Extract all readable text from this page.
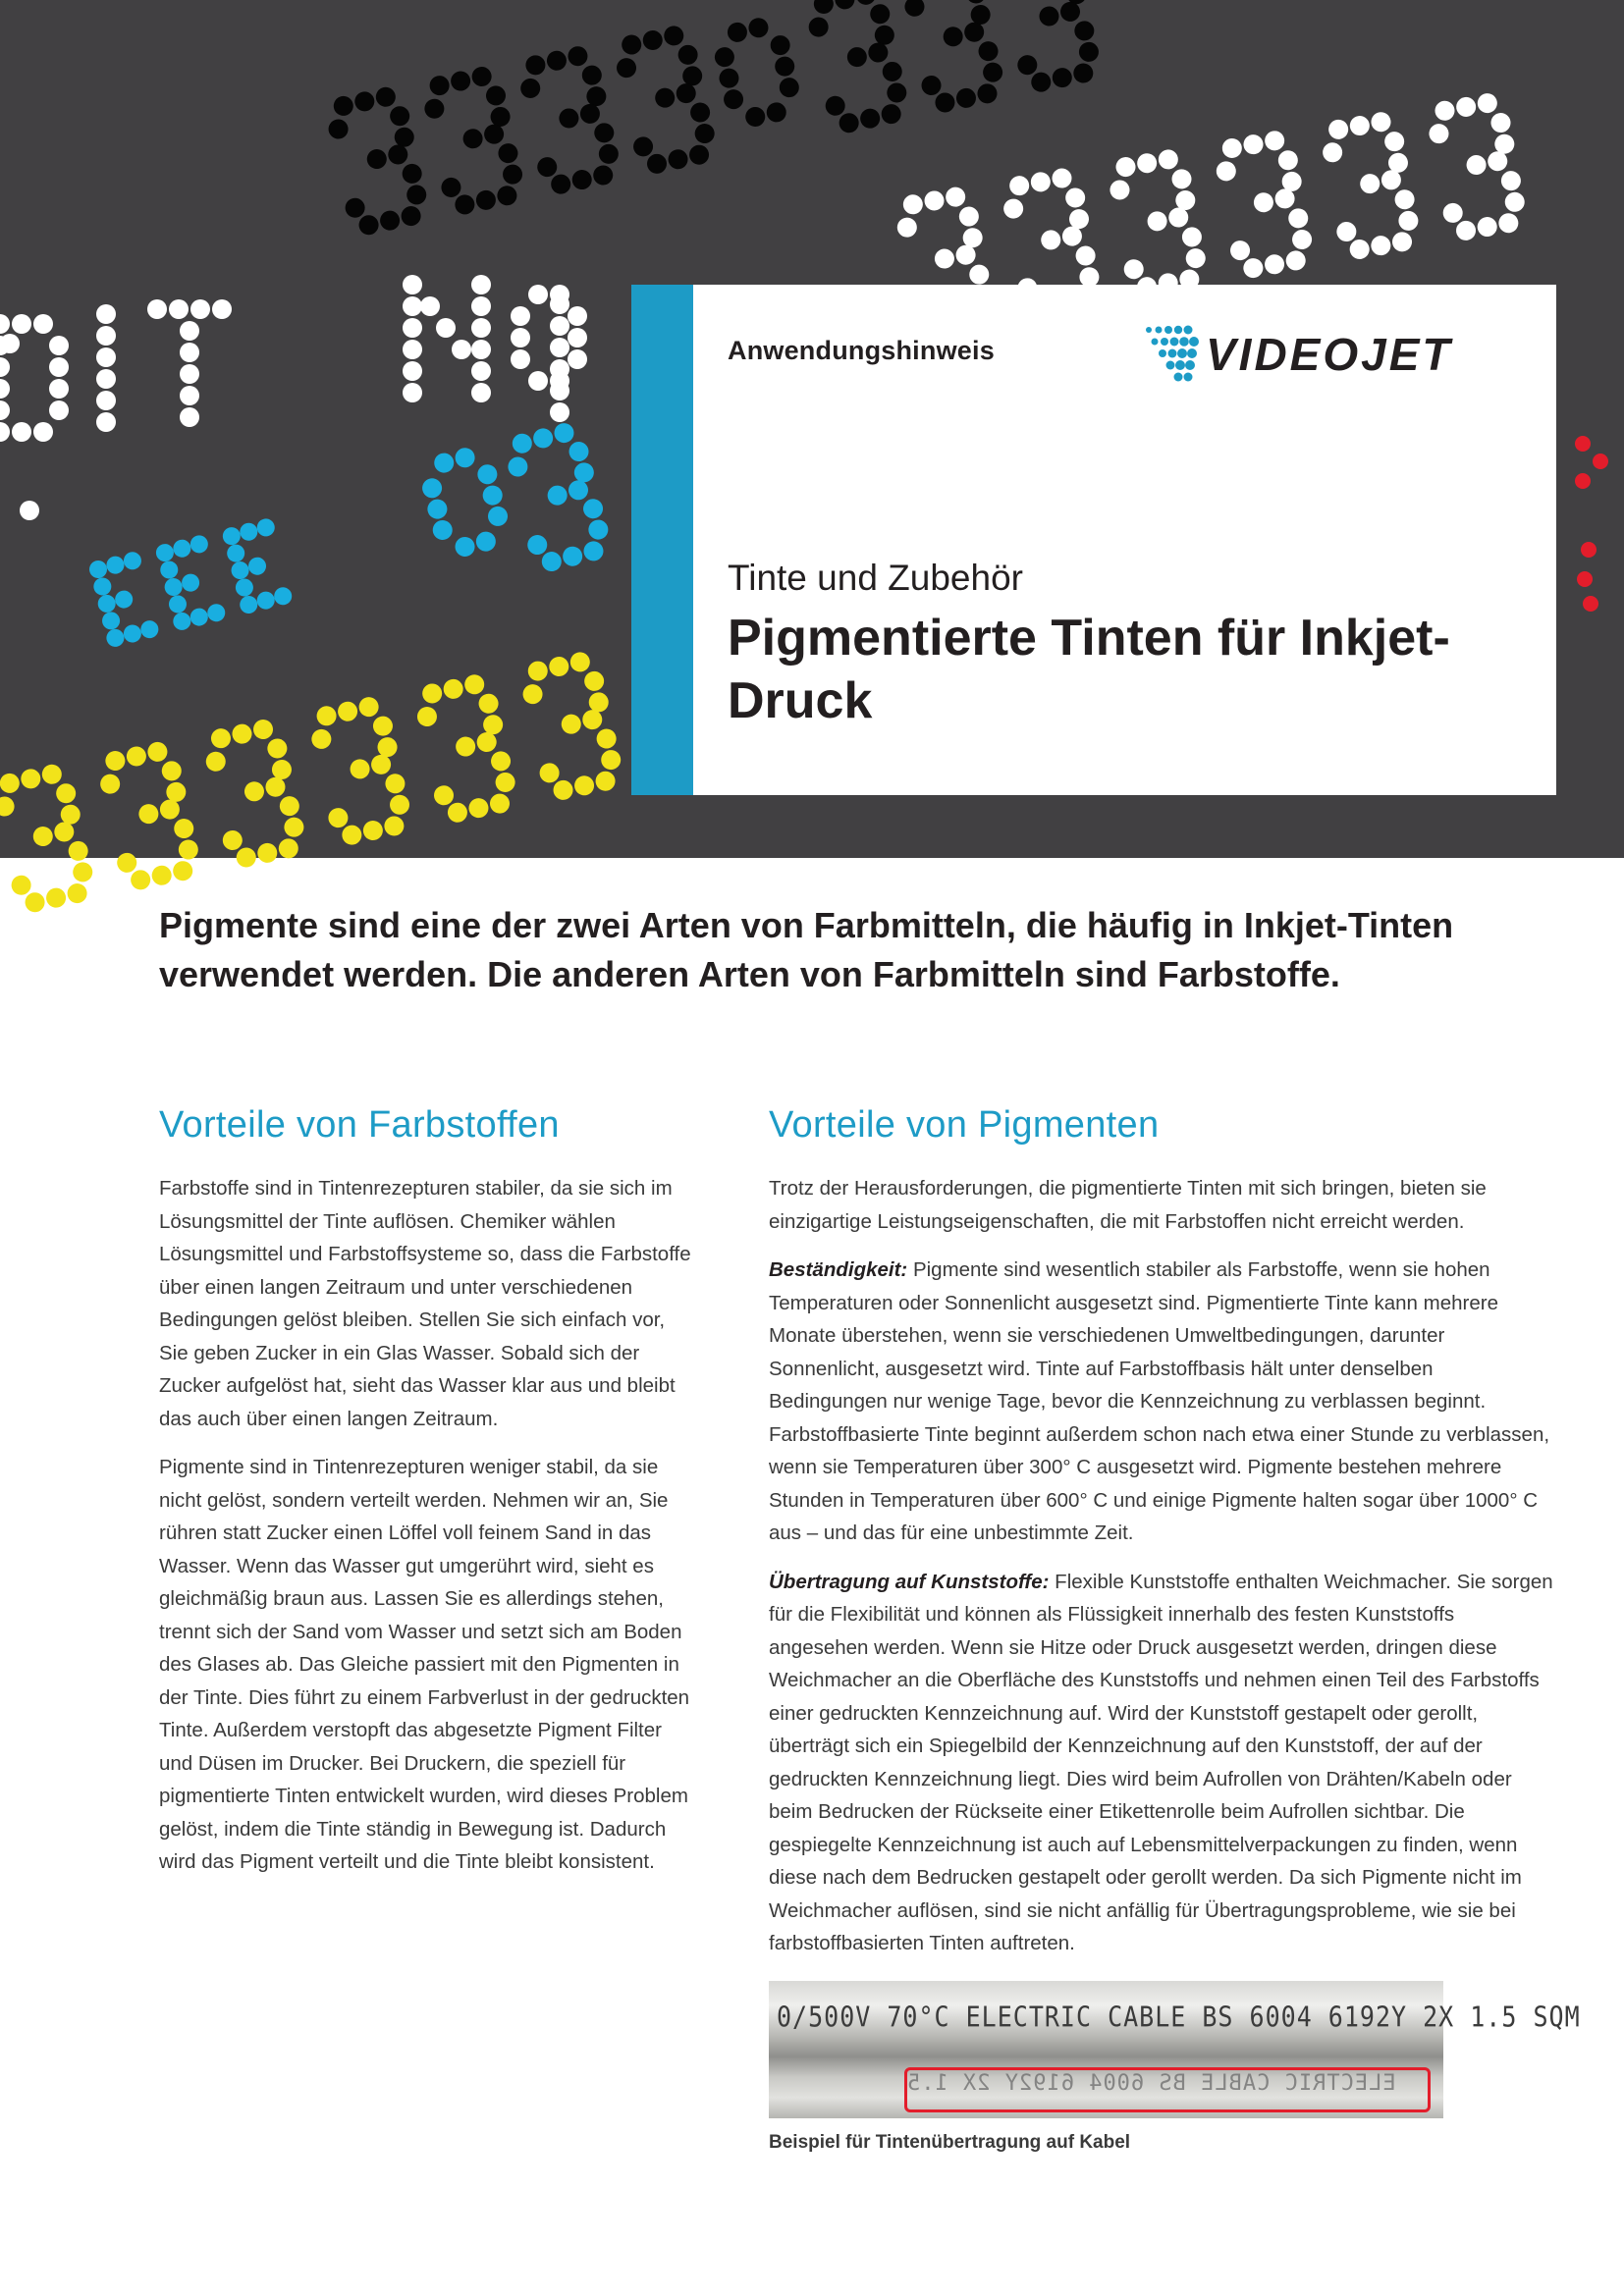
Anwendungshinweis	VIDEOJET
Tinte und Zubehör
Pigmentierte Tinten für Inkjet-Druck
Pigmente sind eine der zwei Arten von Farbmitteln, die häufig in Inkjet-Tinten verwendet werden. Die anderen Arten von Farbmitteln sind Farbstoffe.
Vorteile von Farbstoffen

Farbstoffe sind in Tintenrezepturen stabiler, da sie sich im Lösungsmittel der Tinte auflösen. Chemiker wählen Lösungsmittel und Farbstoffsysteme so, dass die Farbstoffe über einen langen Zeitraum und unter verschiedenen Bedingungen gelöst bleiben. Stellen Sie sich einfach vor, Sie geben Zucker in ein Glas Wasser. Sobald sich der Zucker aufgelöst hat, sieht das Wasser klar aus und bleibt das auch über einen langen Zeitraum.

Pigmente sind in Tintenrezepturen weniger stabil, da sie nicht gelöst, sondern verteilt werden. Nehmen wir an, Sie rühren statt Zucker einen Löffel voll feinem Sand in das Wasser. Wenn das Wasser gut umgerührt wird, sieht es gleichmäßig braun aus. Lassen Sie es allerdings stehen, trennt sich der Sand vom Wasser und setzt sich am Boden des Glases ab. Das Gleiche passiert mit den Pigmenten in der Tinte. Dies führt zu einem Farbverlust in der gedruckten Tinte. Außerdem verstopft das abgesetzte Pigment Filter und Düsen im Drucker. Bei Druckern, die speziell für pigmentierte Tinten entwickelt wurden, wird dieses Problem gelöst, indem die Tinte ständig in Bewegung ist. Dadurch wird das Pigment verteilt und die Tinte bleibt konsistent.

Vorteile von Pigmenten

Trotz der Herausforderungen, die pigmentierte Tinten mit sich bringen, bieten sie einzigartige Leistungseigenschaften, die mit Farbstoffen nicht erreicht werden.

Beständigkeit: Pigmente sind wesentlich stabiler als Farbstoffe, wenn sie hohen Temperaturen oder Sonnenlicht ausgesetzt sind. Pigmentierte Tinte kann mehrere Monate überstehen, wenn sie verschiedenen Umweltbedingungen, darunter Sonnenlicht, ausgesetzt wird. Tinte auf Farbstoffbasis hält unter denselben Bedingungen nur wenige Tage, bevor die Kennzeichnung zu verblassen beginnt. Farbstoffbasierte Tinte beginnt außerdem schon nach etwa einer Stunde zu verblassen, wenn sie Temperaturen über 300° C ausgesetzt wird. Pigmente bestehen mehrere Stunden in Temperaturen über 600° C und einige Pigmente halten sogar über 1000° C aus – und das für eine unbestimmte Zeit.

Übertragung auf Kunststoffe: Flexible Kunststoffe enthalten Weichmacher. Sie sorgen für die Flexibilität und können als Flüssigkeit innerhalb des festen Kunststoffs angesehen werden. Wenn sie Hitze oder Druck ausgesetzt werden, dringen diese Weichmacher an die Oberfläche des Kunststoffs und nehmen einen Teil des Farbstoffs einer gedruckten Kennzeichnung auf. Wird der Kunststoff gestapelt oder gerollt, überträgt sich ein Spiegelbild der Kennzeichnung auf den Kunststoff, der auf der gedruckten Kennzeichnung liegt. Dies wird beim Aufrollen von Drähten/Kabeln oder beim Bedrucken der Rückseite einer Etikettenrolle beim Aufrollen sichtbar. Die gespiegelte Kennzeichnung ist auch auf Lebensmittelverpackungen zu finden, wenn diese nach dem Bedrucken gestapelt oder gerollt werden. Da sich Pigmente nicht im Weichmacher auflösen, sind sie nicht anfällig für Übertragungsprobleme, wie sie bei farbstoffbasierten Tinten auftreten.

0/500V 70°C ELECTRIC CABLE BS 6004 6192Y 2X 1.5 SQM
ELECTRIC CABLE BS 6004 6192Y 2X 1.5
Beispiel für Tintenübertragung auf Kabel
